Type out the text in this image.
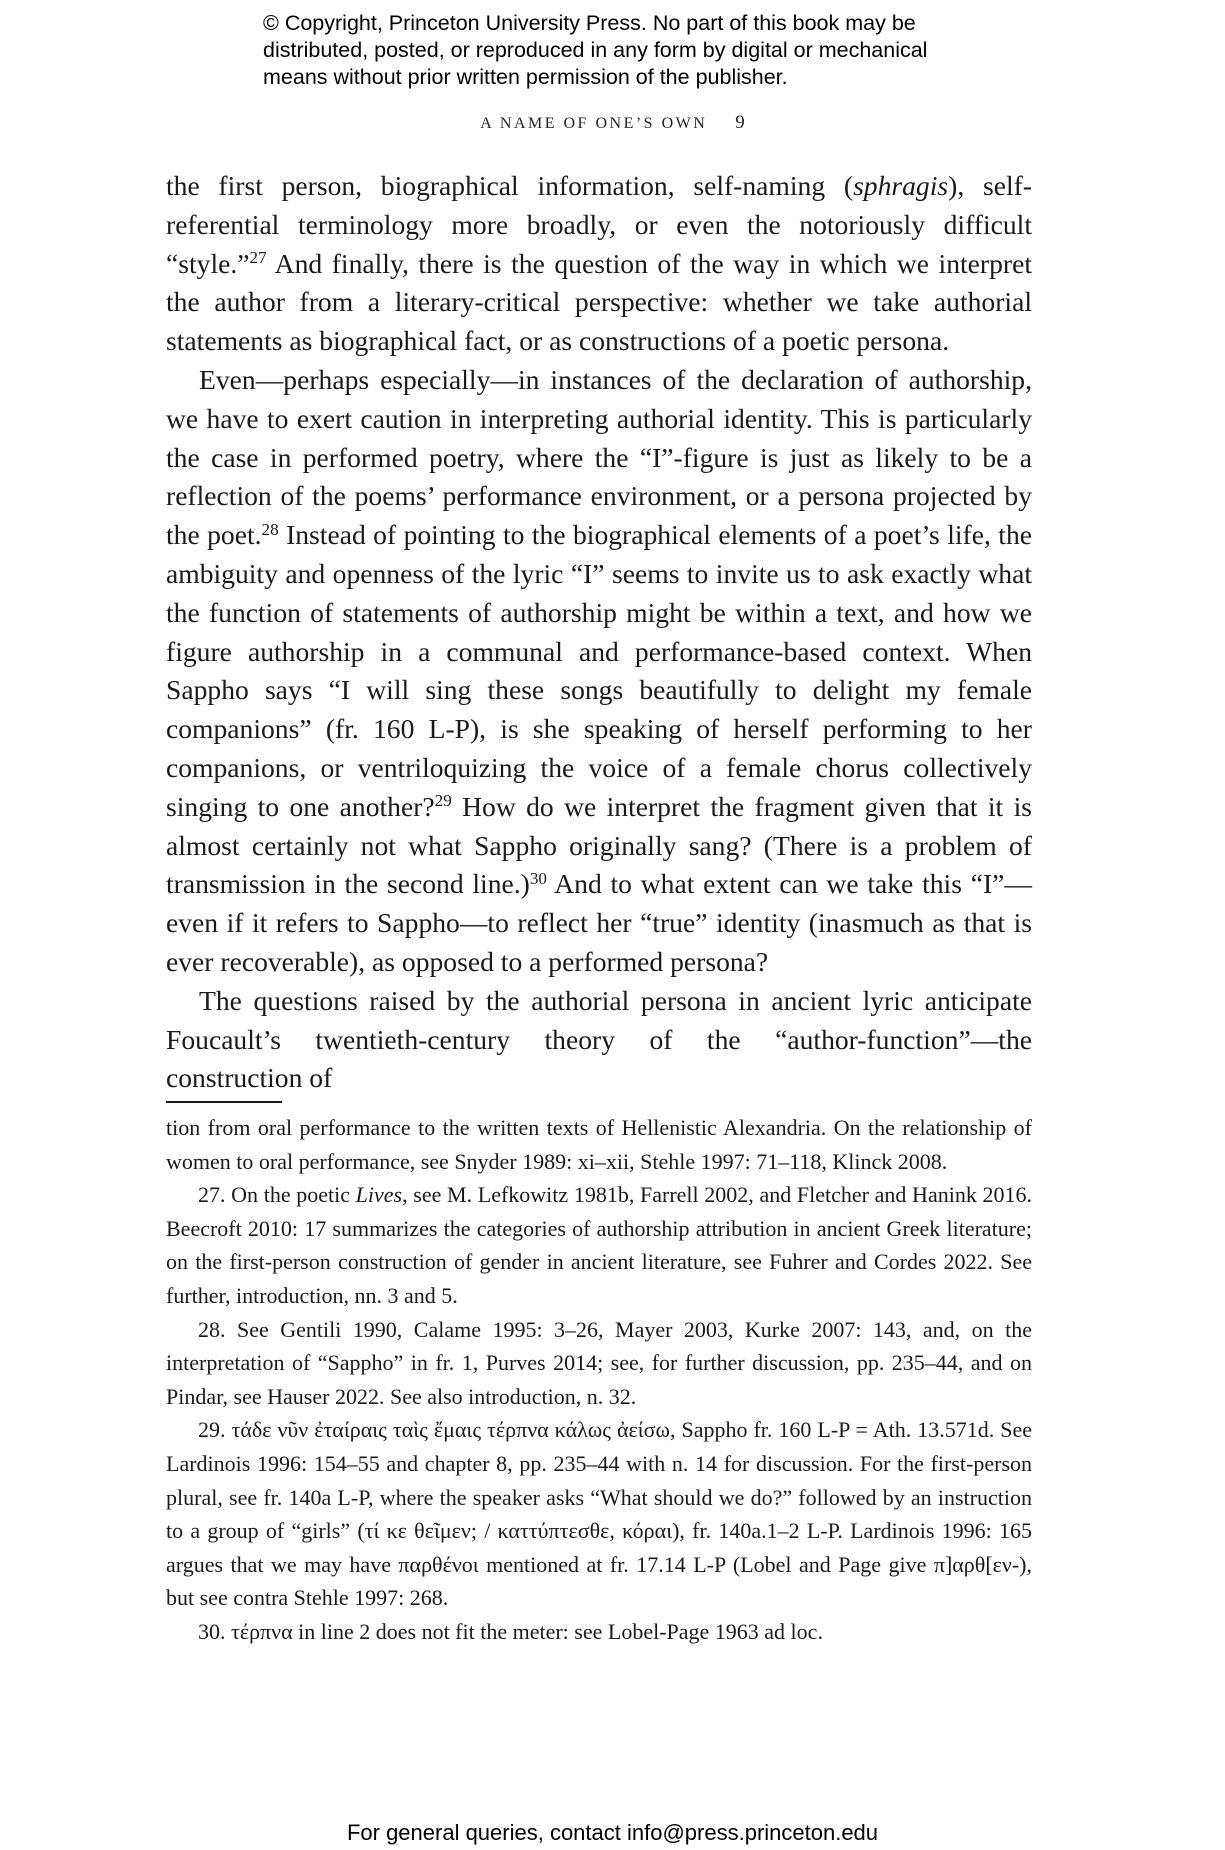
© Copyright, Princeton University Press. No part of this book may be
distributed, posted, or reproduced in any form by digital or mechanical
means without prior written permission of the publisher.
A NAME OF ONE’S OWN 9

the first person, biographical information, self-naming (sphragis), self-referential terminology more broadly, or even the notoriously difficult “style.”$^{27}$ And finally, there is the question of the way in which we interpret the author from a literary-critical perspective: whether we take authorial statements as biographical fact, or as constructions of a poetic persona.

Even—perhaps especially—in instances of the declaration of authorship, we have to exert caution in interpreting authorial identity. This is particularly the case in performed poetry, where the “I”-figure is just as likely to be a reflection of the poems’ performance environment, or a persona projected by the poet.$^{28}$ Instead of pointing to the biographical elements of a poet’s life, the ambiguity and openness of the lyric “I” seems to invite us to ask exactly what the function of statements of authorship might be within a text, and how we figure authorship in a communal and performance-based context. When Sappho says “I will sing these songs beautifully to delight my female companions” (fr. 160 L-P), is she speaking of herself performing to her companions, or ventriloquizing the voice of a female chorus collectively singing to one another?$^{29}$ How do we interpret the fragment given that it is almost certainly not what Sappho originally sang? (There is a problem of transmission in the second line.)$^{30}$ And to what extent can we take this “I”—even if it refers to Sappho—to reflect her “true” identity (inasmuch as that is ever recoverable), as opposed to a performed persona?

The questions raised by the authorial persona in ancient lyric anticipate Foucault’s twentieth-century theory of the “author-function”—the construction of

tion from oral performance to the written texts of Hellenistic Alexandria. On the relationship of women to oral performance, see Snyder 1989: xi–xii, Stehle 1997: 71–118, Klinck 2008.

27. On the poetic Lives, see M. Lefkowitz 1981b, Farrell 2002, and Fletcher and Hanink 2016. Beecroft 2010: 17 summarizes the categories of authorship attribution in ancient Greek literature; on the first-person construction of gender in ancient literature, see Fuhrer and Cordes 2022. See further, introduction, nn. 3 and 5.

28. See Gentili 1990, Calame 1995: 3–26, Mayer 2003, Kurke 2007: 143, and, on the interpretation of “Sappho” in fr. 1, Purves 2014; see, for further discussion, pp. 235–44, and on Pindar, see Hauser 2022. See also introduction, n. 32.

29. τάδε νῦν ἐταίραις ταὶς ἔμαις τέρπνα κάλως ἀείσω, Sappho fr. 160 L-P = Ath. 13.571d. See Lardinois 1996: 154–55 and chapter 8, pp. 235–44 with n. 14 for discussion. For the first-person plural, see fr. 140a L-P, where the speaker asks “What should we do?” followed by an instruction to a group of “girls” (τί κε θεῖμεν; / καττύπτεσθε, κόραι), fr. 140a.1–2 L-P. Lardinois 1996: 165 argues that we may have παρθένοι mentioned at fr. 17.14 L-P (Lobel and Page give π]αρθ[εν-), but see contra Stehle 1997: 268.

30. τέρπνα in line 2 does not fit the meter: see Lobel-Page 1963 ad loc.

For general queries, contact info@press.princeton.edu
